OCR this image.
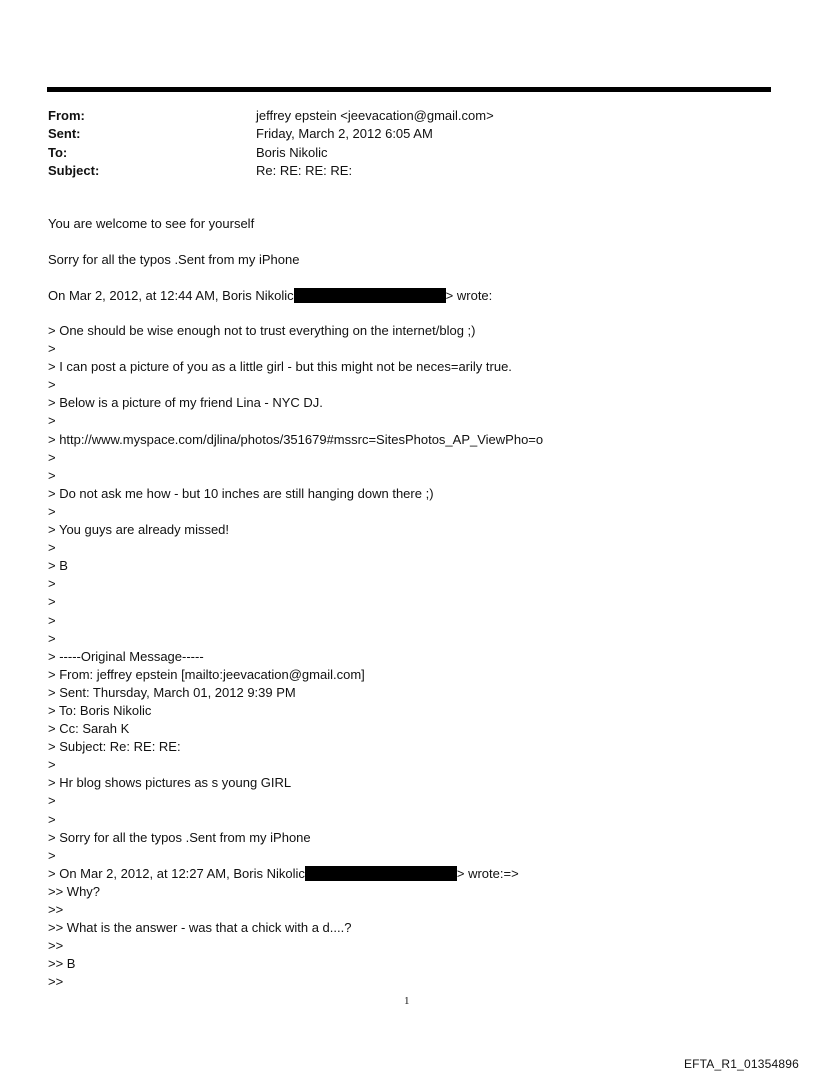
From:	jeffrey epstein <jeevacation@gmail.com>
Sent:	Friday, March 2, 2012 6:05 AM
To:	Boris Nikolic
Subject:	Re: RE: RE: RE:
You are welcome to see for yourself
Sorry for all the typos .Sent from my iPhone
On Mar 2, 2012, at 12:44 AM, Boris Nikolic	> wrote:
> One should be wise enough not to trust everything on the internet/blog ;)
>
> I can post a picture of you as a little girl - but this might not be neces=arily true.
>
> Below is a picture of my friend Lina - NYC DJ.
>
> http://www.myspace.com/djlina/photos/351679#mssrc=SitesPhotos_AP_ViewPho=o
>
>
> Do not ask me how - but 10 inches are still hanging down there ;)
>
> You guys are already missed!
>
> B
>
>
>
>
> -----Original Message-----
> From: jeffrey epstein [mailto:jeevacation@gmail.com]
> Sent: Thursday, March 01, 2012 9:39 PM
> To: Boris Nikolic
> Cc: Sarah K
> Subject: Re: RE: RE:
>
> Hr blog shows pictures as s young GIRL
>
>
> Sorry for all the typos .Sent from my iPhone
>
> On Mar 2, 2012, at 12:27 AM, Boris Nikolic	> wrote:=>
>> Why?
>>
>> What is the answer - was that a chick with a d....?
>>
>> B
>>
1
EFTA_R1_01354896
